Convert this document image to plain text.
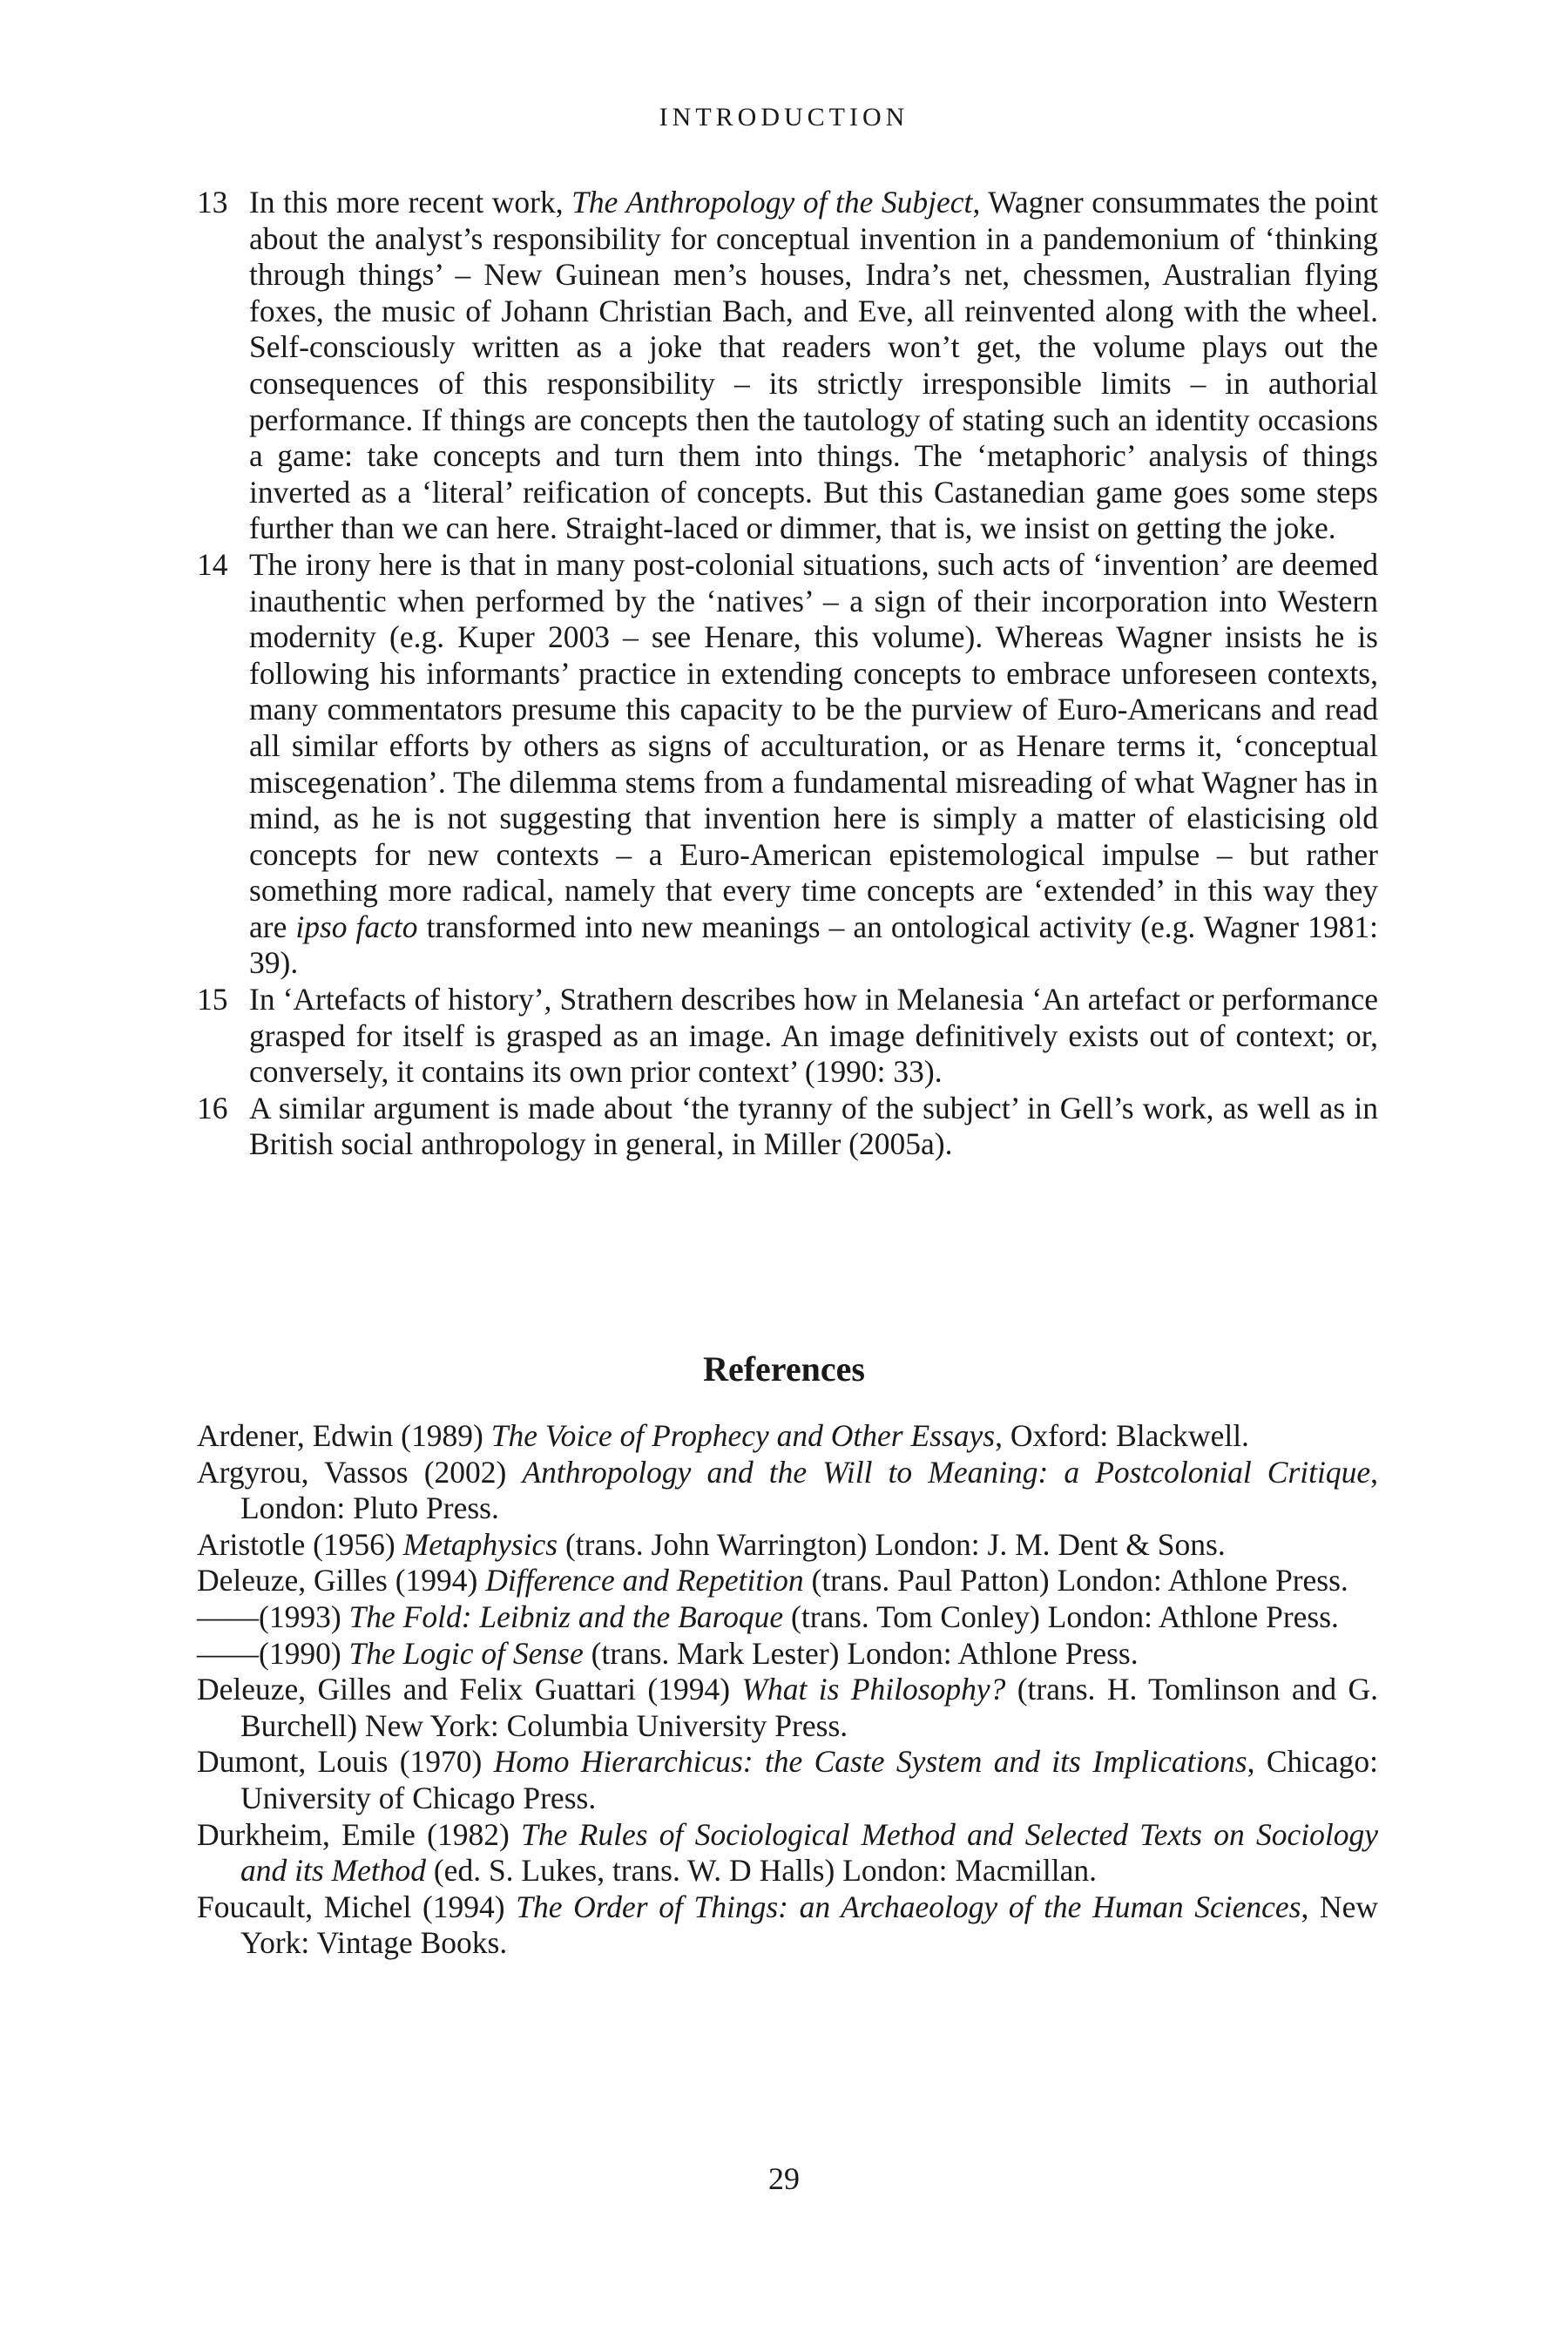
INTRODUCTION
13 In this more recent work, The Anthropology of the Subject, Wagner consummates the point about the analyst’s responsibility for conceptual invention in a pandemonium of ‘thinking through things’ – New Guinean men’s houses, Indra’s net, chessmen, Australian flying foxes, the music of Johann Christian Bach, and Eve, all reinvented along with the wheel. Self-consciously written as a joke that readers won’t get, the volume plays out the consequences of this responsibility – its strictly irresponsible limits – in authorial performance. If things are concepts then the tautology of stating such an identity occasions a game: take concepts and turn them into things. The ‘metaphoric’ analysis of things inverted as a ‘literal’ reification of concepts. But this Castanedian game goes some steps further than we can here. Straight-laced or dimmer, that is, we insist on getting the joke.
14 The irony here is that in many post-colonial situations, such acts of ‘invention’ are deemed inauthentic when performed by the ‘natives’ – a sign of their incorporation into Western modernity (e.g. Kuper 2003 – see Henare, this volume). Whereas Wagner insists he is following his informants’ practice in extending concepts to embrace unforeseen contexts, many commentators presume this capacity to be the purview of Euro-Americans and read all similar efforts by others as signs of acculturation, or as Henare terms it, ‘conceptual miscegenation’. The dilemma stems from a fundamental misreading of what Wagner has in mind, as he is not suggesting that invention here is simply a matter of elasticising old concepts for new contexts – a Euro-American epistemological impulse – but rather something more radical, namely that every time concepts are ‘extended’ in this way they are ipso facto transformed into new meanings – an ontological activity (e.g. Wagner 1981: 39).
15 In ‘Artefacts of history’, Strathern describes how in Melanesia ‘An artefact or performance grasped for itself is grasped as an image. An image definitively exists out of context; or, conversely, it contains its own prior context’ (1990: 33).
16 A similar argument is made about ‘the tyranny of the subject’ in Gell’s work, as well as in British social anthropology in general, in Miller (2005a).
References
Ardener, Edwin (1989) The Voice of Prophecy and Other Essays, Oxford: Blackwell.
Argyrou, Vassos (2002) Anthropology and the Will to Meaning: a Postcolonial Critique, London: Pluto Press.
Aristotle (1956) Metaphysics (trans. John Warrington) London: J. M. Dent & Sons.
Deleuze, Gilles (1994) Difference and Repetition (trans. Paul Patton) London: Athlone Press.
——(1993) The Fold: Leibniz and the Baroque (trans. Tom Conley) London: Athlone Press.
——(1990) The Logic of Sense (trans. Mark Lester) London: Athlone Press.
Deleuze, Gilles and Felix Guattari (1994) What is Philosophy? (trans. H. Tomlinson and G. Burchell) New York: Columbia University Press.
Dumont, Louis (1970) Homo Hierarchicus: the Caste System and its Implications, Chicago: University of Chicago Press.
Durkheim, Emile (1982) The Rules of Sociological Method and Selected Texts on Sociology and its Method (ed. S. Lukes, trans. W. D Halls) London: Macmillan.
Foucault, Michel (1994) The Order of Things: an Archaeology of the Human Sciences, New York: Vintage Books.
29
